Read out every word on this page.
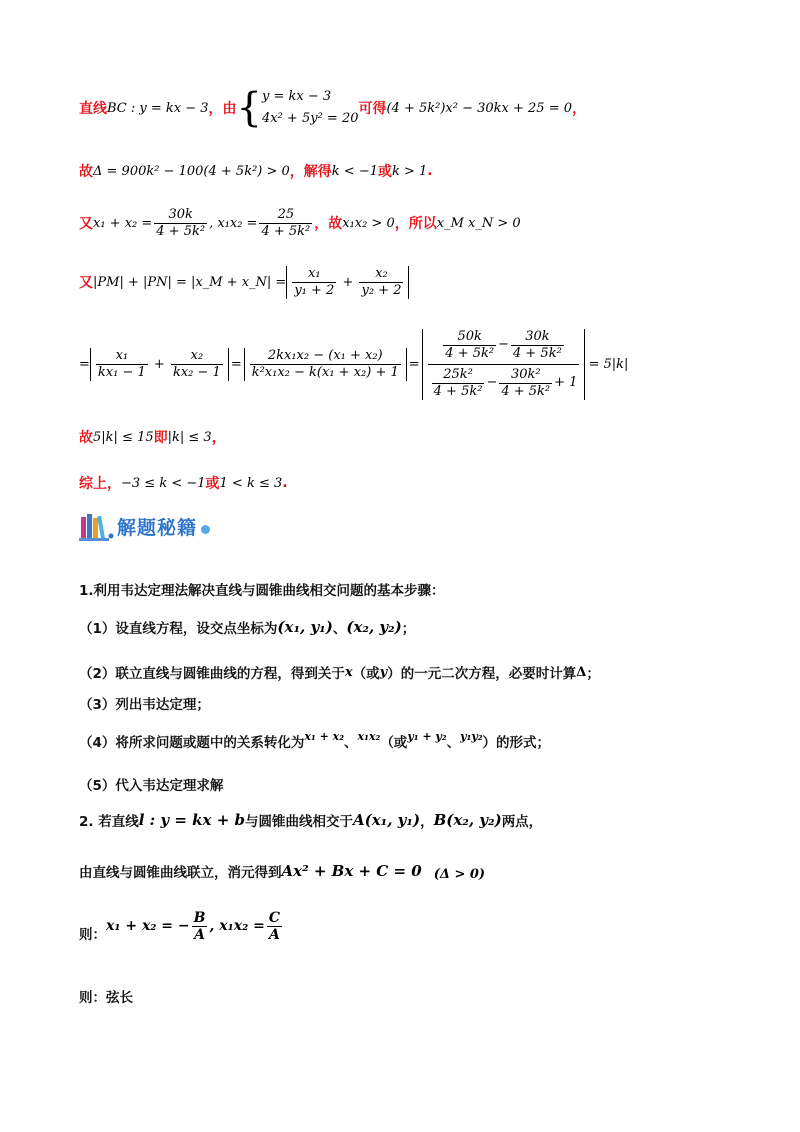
直线 BC : y = kx − 3 ，由 { y = kx − 3
4x² + 5y² = 20
可得 (4 + 5k²)x² − 30kx + 25 = 0 ，
故 Δ = 900k² − 100(4 + 5k²) > 0 ，解得 k < −1 或 k > 1 .
又 $x_1 + x_2 = \frac{30k}{\text{4 + 5k²}}$ , $x_1x_2 = \frac{25}{\text{4 + 5k²}}$ ，故 x₁x₂ > 0 ，所以 x_M x_N > 0
又 |PM| + |PN| = |x_M + x_N| = $\frac{\text{x₁}}{\text{y₁ + 2}} + \frac{\text{x₂}}{\text{y₂ + 2}}$
= $\frac{\text{x₁}}{\text{kx₁ − 1}} + \frac{\text{x₂}}{\text{kx₂ − 1}} = \frac{\text{2kx₁x₂ − (x₁ + x₂)}}{\text{k²x₁x₂ − k(x₁ + x₂) + 1}}$ =
$\frac{50k}{\text{4 + 5k²}} - \frac{30k}{\text{4 + 5k²}}$
$\frac{\text{25k²}}{\text{4 + 5k²}} - \frac{\text{30k²}}{\text{4 + 5k²}} + 1$
= 5|k|
故 5|k| ≤ 15 即 |k| ≤ 3 ，
综上， −3 ≤ k < −1 或 1 < k ≤ 3 .
解题秘籍
1.利用韦达定理法解决直线与圆锥曲线相交问题的基本步骤：
（1）设直线方程，设交点坐标为 (x₁, y₁) 、 (x₂, y₂) ；
（2）联立直线与圆锥曲线的方程，得到关于 x （或 y ）的一元二次方程，必要时计算 Δ ；
（3）列出韦达定理；
（4）将所求问题或题中的关系转化为 x₁ + x₂ 、 x₁x₂ （或 y₁ + y₂ 、 y₁y₂ ）的形式；
（5）代入韦达定理求解
2. 若直线 l : y = kx + b 与圆锥曲线相交于 A(x₁, y₁) ， B(x₂, y₂) 两点，
由直线与圆锥曲线联立，消元得到 Ax² + Bx + C = 0 (Δ > 0)
则：
x₁ + x₂ = − $\frac{B}{A}$ , $x_1x_2 = \frac{C}{A}$
则：弦长
